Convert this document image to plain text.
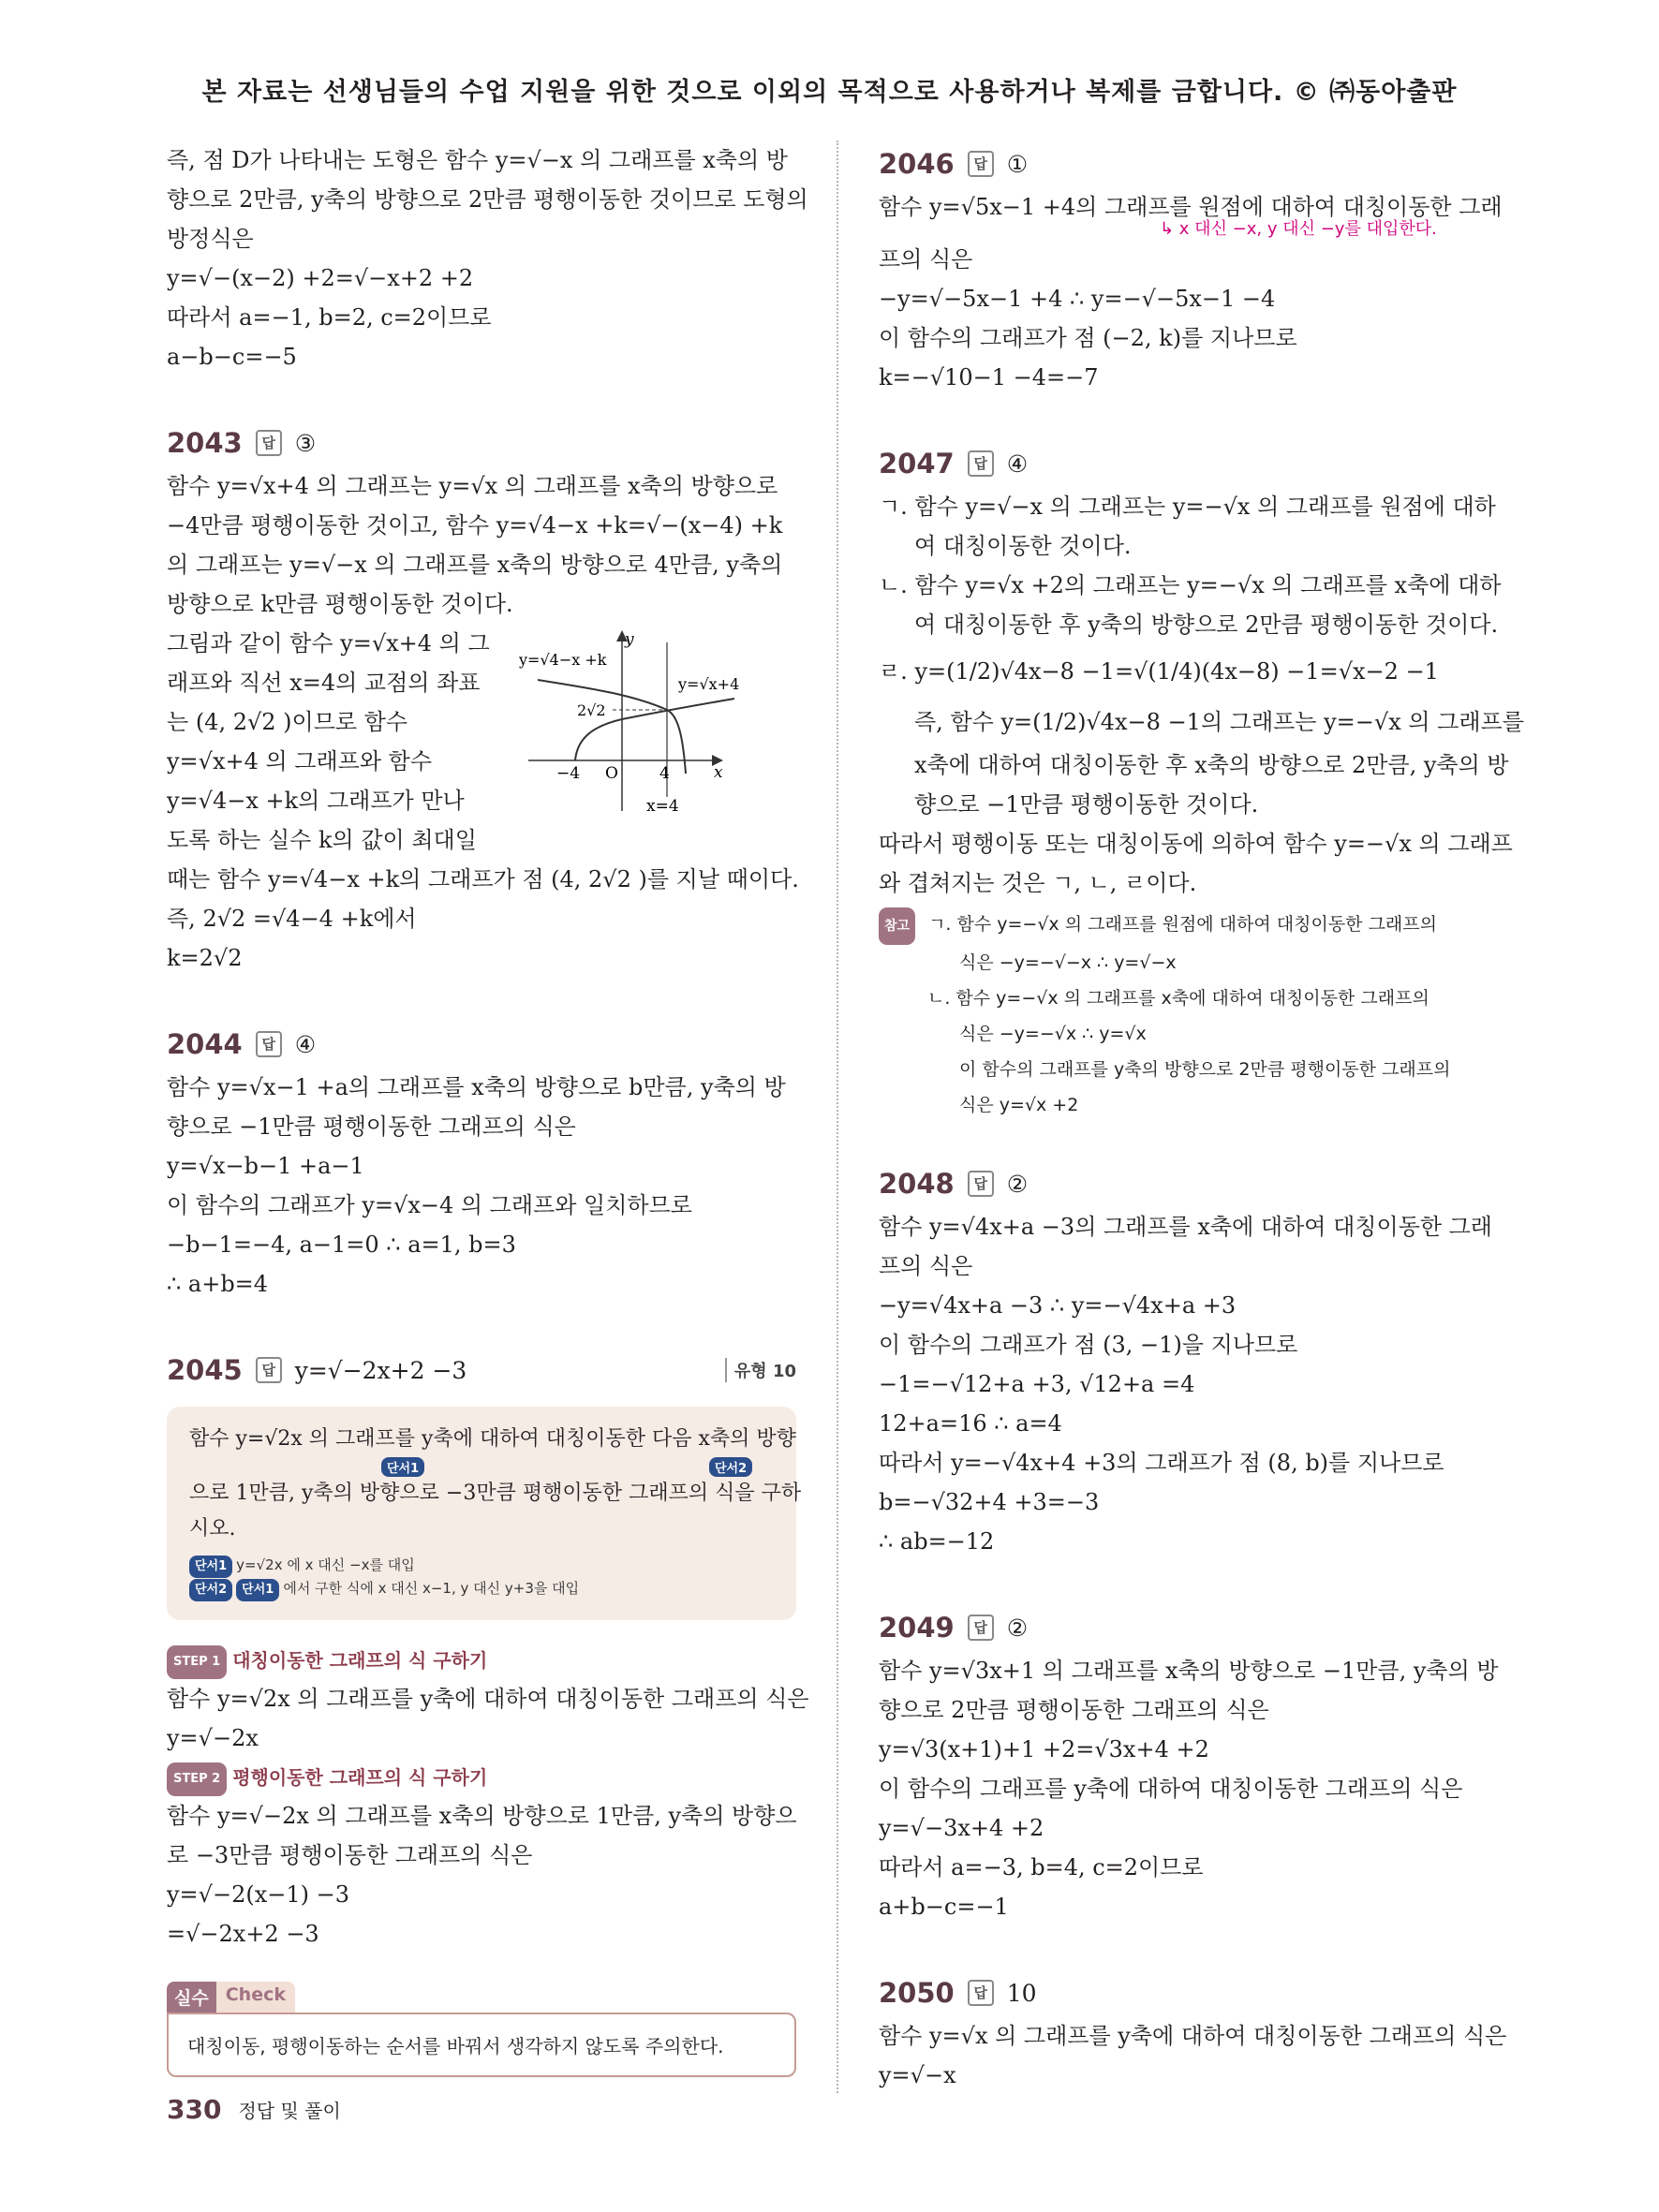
본 자료는 선생님들의 수업 지원을 위한 것으로 이외의 목적으로 사용하거나 복제를 금합니다. © ㈜동아출판
즉, 점 D가 나타내는 도형은 함수 y=√−x 의 그래프를 x축의 방
향으로 2만큼, y축의 방향으로 2만큼 평행이동한 것이므로 도형의
방정식은
y=√−(x−2) +2=√−x+2 +2
따라서 a=−1, b=2, c=2이므로
a−b−c=−5
2043	답 ③
함수 y=√x+4 의 그래프는 y=√x 의 그래프를 x축의 방향으로
−4만큼 평행이동한 것이고, 함수 y=√4−x +k=√−(x−4) +k
의 그래프는 y=√−x 의 그래프를 x축의 방향으로 4만큼, y축의
방향으로 k만큼 평행이동한 것이다.
그림과 같이 함수 y=√x+4 의 그
래프와 직선 x=4의 교점의 좌표
는 (4, 2√2 )이므로 함수
y=√x+4 의 그래프와 함수
y=√4−x +k의 그래프가 만나
도록 하는 실수 k의 값이 최대일
y
x
O
−4	4
y=√4−x +k
y=√x+4
2√2
x=4
때는 함수 y=√4−x +k의 그래프가 점 (4, 2√2 )를 지날 때이다.
즉, 2√2 =√4−4 +k에서
k=2√2
2044	답 ④
함수 y=√x−1 +a의 그래프를 x축의 방향으로 b만큼, y축의 방
향으로 −1만큼 평행이동한 그래프의 식은
y=√x−b−1 +a−1
이 함수의 그래프가 y=√x−4 의 그래프와 일치하므로
−b−1=−4, a−1=0 ∴ a=1, b=3
∴ a+b=4
2045	답 y=√−2x+2 −3	유형 10
함수 y=√2x 의 그래프를 y축에 대하여 대칭이동한 다음 x축의 방향
단서1	단서2
으로 1만큼, y축의 방향으로 −3만큼 평행이동한 그래프의 식을 구하
시오.
단서1 y=√2x 에 x 대신 −x를 대입
단서2 단서1 에서 구한 식에 x 대신 x−1, y 대신 y+3을 대입
STEP 1 대칭이동한 그래프의 식 구하기
함수 y=√2x 의 그래프를 y축에 대하여 대칭이동한 그래프의 식은
y=√−2x
STEP 2 평행이동한 그래프의 식 구하기
함수 y=√−2x 의 그래프를 x축의 방향으로 1만큼, y축의 방향으
로 −3만큼 평행이동한 그래프의 식은
y=√−2(x−1) −3
=√−2x+2 −3
실수 Check
대칭이동, 평행이동하는 순서를 바꿔서 생각하지 않도록 주의한다.
2046	답 ①
함수 y=√5x−1 +4의 그래프를 원점에 대하여 대칭이동한 그래
↳ x 대신 −x, y 대신 −y를 대입한다.
프의 식은
−y=√−5x−1 +4 ∴ y=−√−5x−1 −4
이 함수의 그래프가 점 (−2, k)를 지나므로
k=−√10−1 −4=−7
2047	답 ④
ㄱ. 함수 y=√−x 의 그래프는 y=−√x 의 그래프를 원점에 대하
여 대칭이동한 것이다.
ㄴ. 함수 y=√x +2의 그래프는 y=−√x 의 그래프를 x축에 대하
여 대칭이동한 후 y축의 방향으로 2만큼 평행이동한 것이다.
ㄹ. y=(1/2)√4x−8 −1=√(1/4)(4x−8) −1=√x−2 −1
즉, 함수 y=(1/2)√4x−8 −1의 그래프는 y=−√x 의 그래프를
x축에 대하여 대칭이동한 후 x축의 방향으로 2만큼, y축의 방
향으로 −1만큼 평행이동한 것이다.
따라서 평행이동 또는 대칭이동에 의하여 함수 y=−√x 의 그래프
와 겹쳐지는 것은 ㄱ, ㄴ, ㄹ이다.
참고 ㄱ. 함수 y=−√x 의 그래프를 원점에 대하여 대칭이동한 그래프의
식은 −y=−√−x ∴ y=√−x
ㄴ. 함수 y=−√x 의 그래프를 x축에 대하여 대칭이동한 그래프의
식은 −y=−√x ∴ y=√x
이 함수의 그래프를 y축의 방향으로 2만큼 평행이동한 그래프의
식은 y=√x +2
2048	답 ②
함수 y=√4x+a −3의 그래프를 x축에 대하여 대칭이동한 그래
프의 식은
−y=√4x+a −3 ∴ y=−√4x+a +3
이 함수의 그래프가 점 (3, −1)을 지나므로
−1=−√12+a +3, √12+a =4
12+a=16 ∴ a=4
따라서 y=−√4x+4 +3의 그래프가 점 (8, b)를 지나므로
b=−√32+4 +3=−3
∴ ab=−12
2049	답 ②
함수 y=√3x+1 의 그래프를 x축의 방향으로 −1만큼, y축의 방
향으로 2만큼 평행이동한 그래프의 식은
y=√3(x+1)+1 +2=√3x+4 +2
이 함수의 그래프를 y축에 대하여 대칭이동한 그래프의 식은
y=√−3x+4 +2
따라서 a=−3, b=4, c=2이므로
a+b−c=−1
2050	답 10
함수 y=√x 의 그래프를 y축에 대하여 대칭이동한 그래프의 식은
y=√−x
330 정답 및 풀이
